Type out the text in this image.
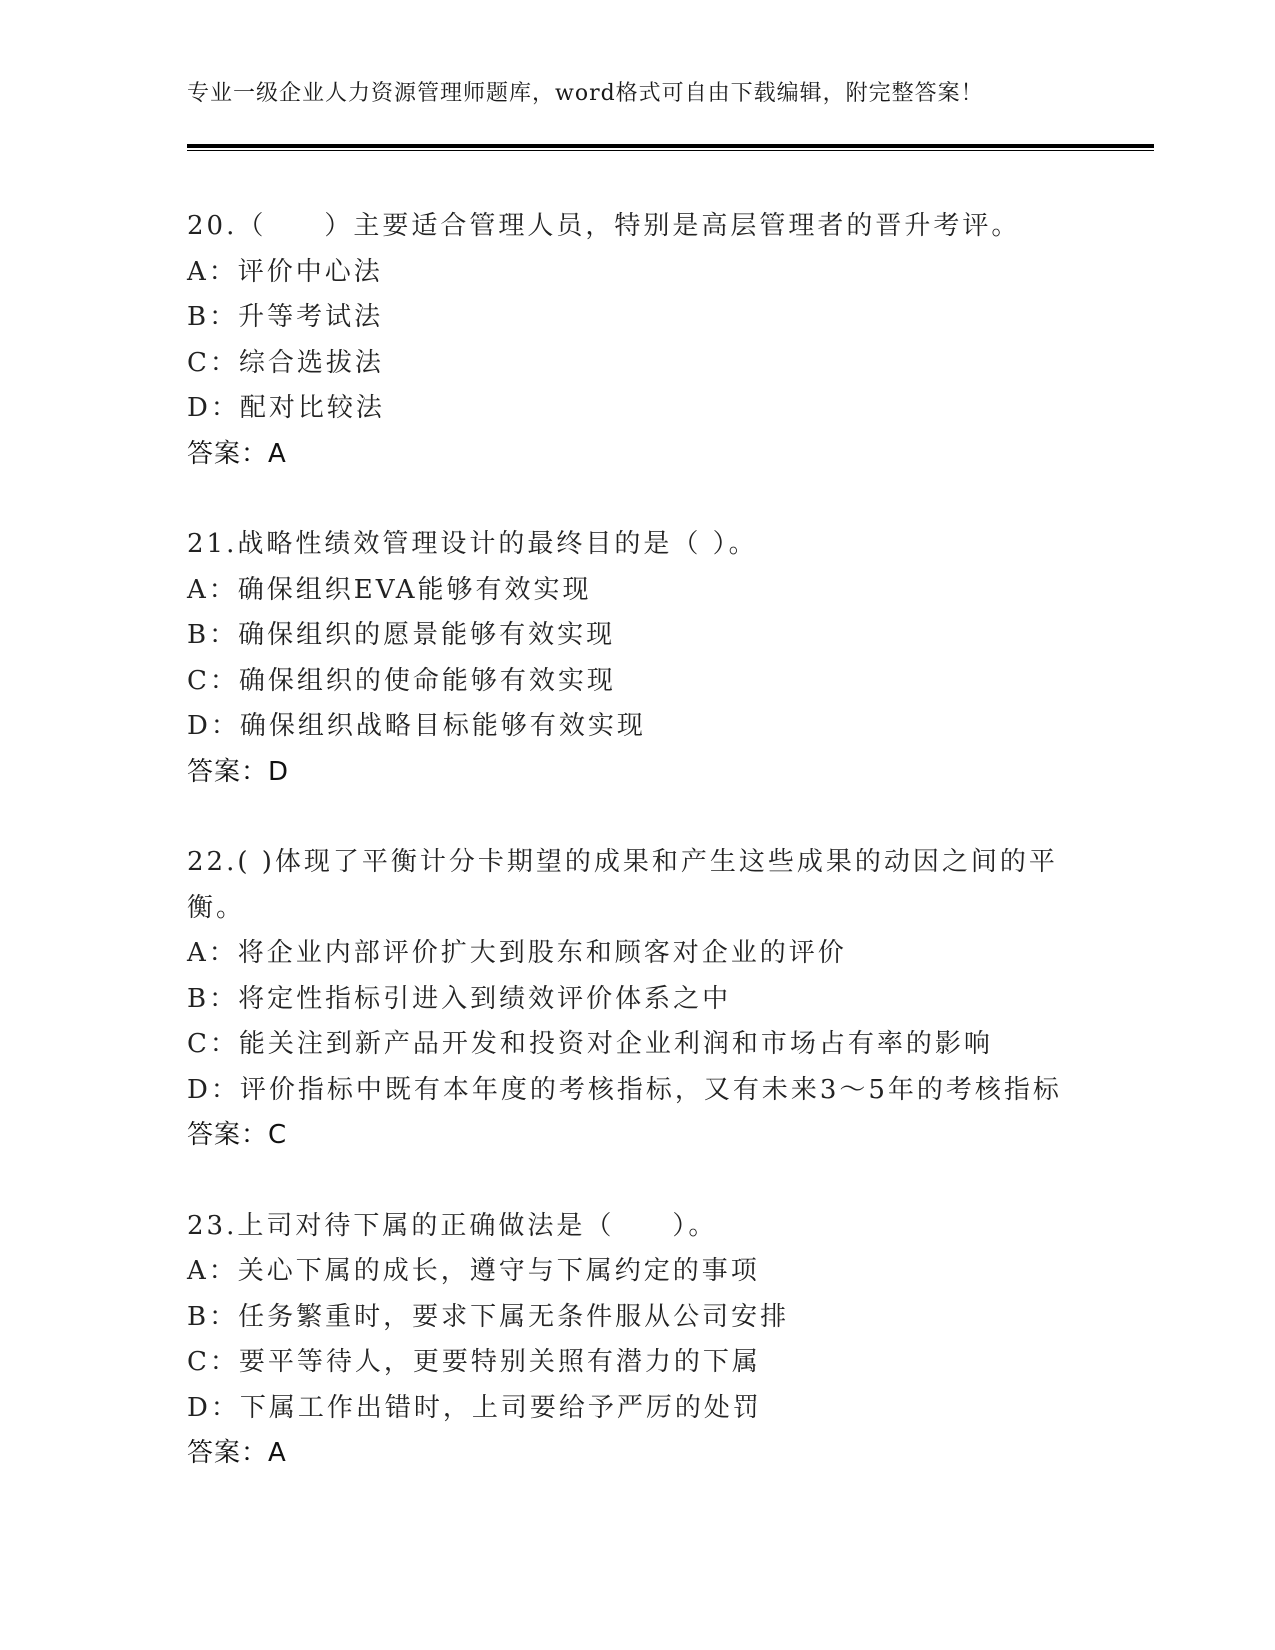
专业一级企业人力资源管理师题库，word格式可自由下载编辑，附完整答案！
20.（　　）主要适合管理人员，特别是高层管理者的晋升考评。
A：评价中心法
B：升等考试法
C：综合选拔法
D：配对比较法
答案：A
21.战略性绩效管理设计的最终目的是（ ）。
A：确保组织EVA能够有效实现
B：确保组织的愿景能够有效实现
C：确保组织的使命能够有效实现
D：确保组织战略目标能够有效实现
答案：D
22.( )体现了平衡计分卡期望的成果和产生这些成果的动因之间的平衡。
A：将企业内部评价扩大到股东和顾客对企业的评价
B：将定性指标引进入到绩效评价体系之中
C：能关注到新产品开发和投资对企业利润和市场占有率的影响
D：评价指标中既有本年度的考核指标，又有未来3～5年的考核指标
答案：C
23.上司对待下属的正确做法是（　　）。
A：关心下属的成长，遵守与下属约定的事项
B：任务繁重时，要求下属无条件服从公司安排
C：要平等待人，更要特别关照有潜力的下属
D：下属工作出错时，上司要给予严厉的处罚
答案：A
